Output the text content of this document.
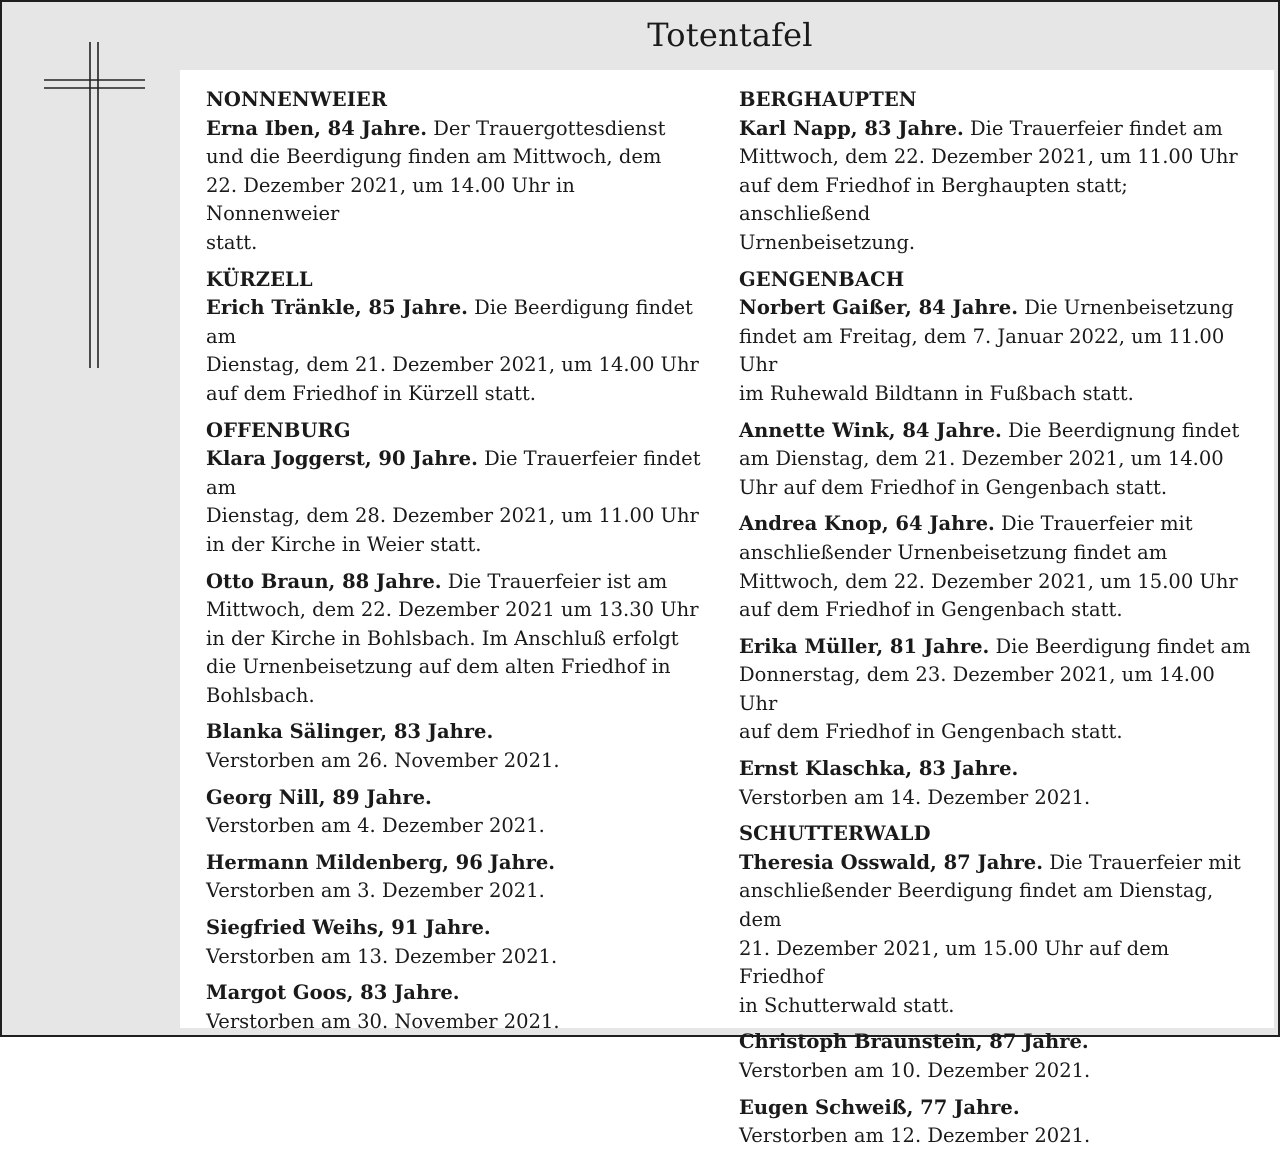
Totentafel
NONNENWEIER
Erna Iben, 84 Jahre. Der Trauergottesdienst
und die Beerdigung finden am Mittwoch, dem
22. Dezember 2021, um 14.00 Uhr in Nonnenweier
statt.
KÜRZELL
Erich Tränkle, 85 Jahre. Die Beerdigung findet am
Dienstag, dem 21. Dezember 2021, um 14.00 Uhr
auf dem Friedhof in Kürzell statt.
OFFENBURG
Klara Joggerst, 90 Jahre. Die Trauerfeier findet am
Dienstag, dem 28. Dezember 2021, um 11.00 Uhr
in der Kirche in Weier statt.
Otto Braun, 88 Jahre. Die Trauerfeier ist am
Mittwoch, dem 22. Dezember 2021 um 13.30 Uhr
in der Kirche in Bohlsbach. Im Anschluß erfolgt
die Urnenbeisetzung auf dem alten Friedhof in
Bohlsbach.
Blanka Sälinger, 83 Jahre.
Verstorben am 26. November 2021.
Georg Nill, 89 Jahre.
Verstorben am 4. Dezember 2021.
Hermann Mildenberg, 96 Jahre.
Verstorben am 3. Dezember 2021.
Siegfried Weihs, 91 Jahre.
Verstorben am 13. Dezember 2021.
Margot Goos, 83 Jahre.
Verstorben am 30. November 2021.
BERGHAUPTEN
Karl Napp, 83 Jahre. Die Trauerfeier findet am
Mittwoch, dem 22. Dezember 2021, um 11.00 Uhr
auf dem Friedhof in Berghaupten statt; anschließend
Urnenbeisetzung.
GENGENBACH
Norbert Gaißer, 84 Jahre. Die Urnenbeisetzung
findet am Freitag, dem 7. Januar 2022, um 11.00 Uhr
im Ruhewald Bildtann in Fußbach statt.
Annette Wink, 84 Jahre. Die Beerdignung findet
am Dienstag, dem 21. Dezember 2021, um 14.00
Uhr auf dem Friedhof in Gengenbach statt.
Andrea Knop, 64 Jahre. Die Trauerfeier mit
anschließender Urnenbeisetzung findet am
Mittwoch, dem 22. Dezember 2021, um 15.00 Uhr
auf dem Friedhof in Gengenbach statt.
Erika Müller, 81 Jahre. Die Beerdigung findet am
Donnerstag, dem 23. Dezember 2021, um 14.00 Uhr
auf dem Friedhof in Gengenbach statt.
Ernst Klaschka, 83 Jahre.
Verstorben am 14. Dezember 2021.
SCHUTTERWALD
Theresia Osswald, 87 Jahre. Die Trauerfeier mit
anschließender Beerdigung findet am Dienstag, dem
21. Dezember 2021, um 15.00 Uhr auf dem Friedhof
in Schutterwald statt.
Christoph Braunstein, 87 Jahre.
Verstorben am 10. Dezember 2021.
Eugen Schweiß, 77 Jahre.
Verstorben am 12. Dezember 2021.
